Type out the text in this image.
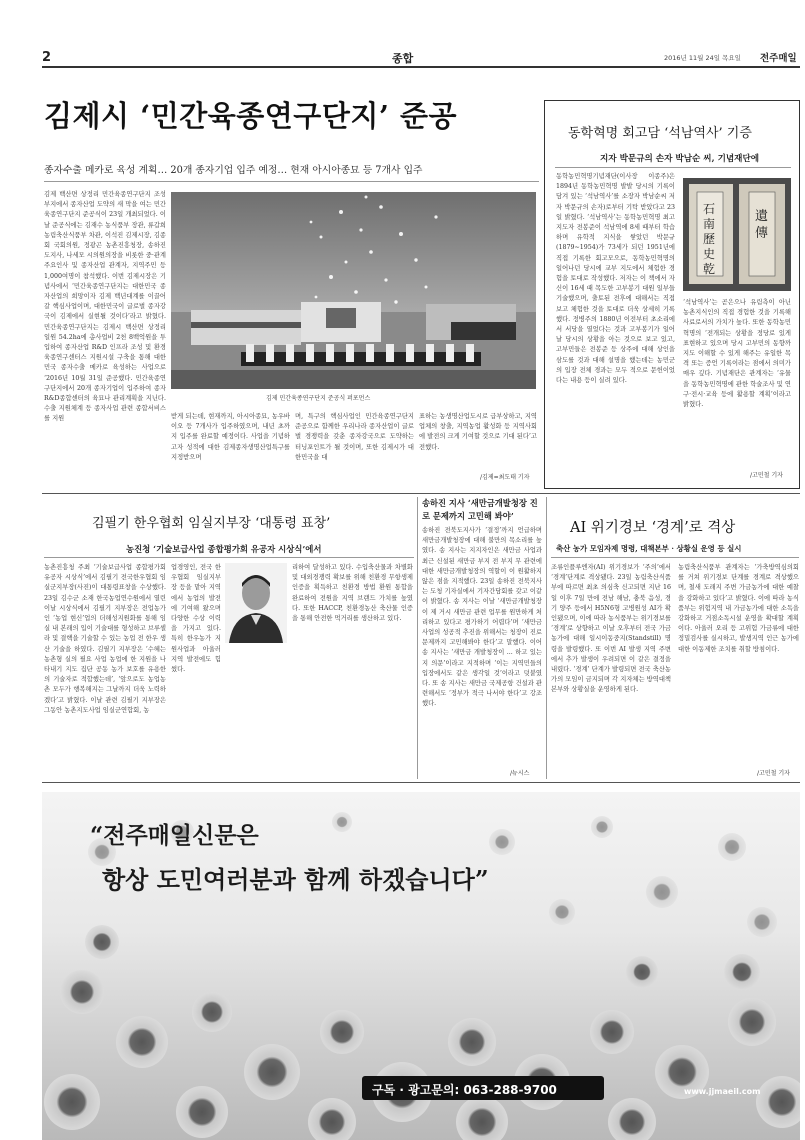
2	종합	2016년 11월 24일 목요일 전주매일
김제시 ‘민간육종연구단지’ 준공
종자수출 메카로 육성 계획… 20개 종자기업 입주 예정… 현재 아시아종묘 등 7개사 입주
김제 백산면 상정리 민간육종연구단지 조성부지에서 종자산업 도약의 새 막을 여는 민간육종연구단지 준공식이 23일 개최되었다. 이날 준공식에는 김재수 농식품부 장관, 류갑희 농림축산식품부 차관, 이석진 김제시장, 김종회 국회의원, 정광곤 농촌진흥청장, 송하진 도지사, 나세모 시의원의장을 비롯한 중·관계 주요인사 및 종자산업 관계자, 지역주민 등 1,000여명이 참석했다. 이번 김제시장은 기념사에서 ‘민간육종연구단지는 대한민국 종자산업의 희망이자 김제 백년대계를 이끌어 갈 핵심사업이며, 대한민국이 글로벌 종자강국이 김제에서 실현될 것이다’라고 밝혔다. 민간육종연구단지는 김제시 백산면 상정리 일원 54.2ha에 총사업비 2천 8백억원을 투입하여 종자산업 R&D 인프라 조성 및 환경육종연구센터스 지원시설 구축을 통해 대한민국 종자수출 메카로 육성하는 사업으로 ‘2016년 10월 31일 준공했다. 민간육종연구단지에서 20개 종자기업이 입주하여 종자R&D종합센터의 육묘나 관리계획을 지닌다. 수출 지원체계 등 종자사업 관련 종합서비스를 지원
김제 민간육종연구단지 준공식 퍼포먼스
받게 되는데, 현재까지, 아시아종묘, 농우바이오 등 7개사가 입주하였으며, 내년 초까지 입주를 완료할 예정이다. 사업을 기념하고자 성적에 대한 김제종자생명산업특구를 지정받으며
며, 특구의 핵심사업인 민간육종연구단지 준공으로 함께한 우리나라 종자산업이 글로벌 경쟁력을 갖춘 종자강국으로 도약하는 터닝포인트가 될 것이며, 또한 김제시가 대한민국을 대
표하는 농생명산업도시로 급부상하고, 지역업체의 창출, 지역농업 활성화 등 지역사회에 발전의 크게 기여할 것으로 기대 된다’고 전했다.
/김제=최도태 기자
동학혁명 회고담 ‘석남역사’ 기증
지자 박문규의 손자 박남순 씨, 기념재단에
동학농민혁명기념재단(이사장 이종주)은 1894년 동학농민혁명 발발 당시의 기록이 담겨 있는 ‘석남역사’를 소장자 박남순씨 저자 박문규의 손자)로부터 기탁 받았다고 23일 밝혔다. ‘석남역사’는 동학농민혁명 최고지도자 전봉준이 석남역에 8세 때부터 학습하며 유학적 지식을 쌓았던 박문규(1879~1954)가 73세가 되던 1951년에 직접 기록한 회고모으로, 동학농민혁명의 일어나던 당시에 교부 지도에서 체험한 경험을 토대로 작성했다. 저자는 이 책에서 자신이 16세 때 목도한 고부봉기 대원 일부들 기술했으며, 출토된 전후에 대해서는 직접 보고 체험한 것을 토대로 더욱 상세히 기록했다. 정병주의 1880년 이전부터 초소리에서 서당을 열었다는 것과 고부봉기가 일어날 당시의 상황을 아는 것으로 보고 있고, 고부민들은 전봉준 등 상주에 대해 상인을 삼도를 것과 대해 설명을 했는데는 농민군의 입장 전체 경과는 모두 적으로 문헌이었다는 내용 등이 실려 있다.
石南歷史 乾
遺傳
‘석남역사’는 곧은으나 유림측이 아닌 농촌지식인의 직접 경험한 것을 기록해 사료로서의 가치가 높다. 또한 동학농민혁명의 ‘전개되는 상황을 정당로 있게 표현하고 있으며 당시 고부민의 동향까지도 이해할 수 있게 해주는 유일한 목격 또는 증언 기록이라는 점에서 의미가 매우 깊다. 기념재단은 관계자는 ‘유물을 동학농민혁명에 관한 학술조사 및 연구·전시·교육 등에 활용할 계획’이라고 밝혔다.
/고민철 기자
김필기 한우협회 임실지부장 ‘대통령 표창’
농진청 ‘기술보급사업 종합평가회 유공자 시상식’에서
농촌진흥청 주최 ‘기술보급사업 종합평가회 유공자 시상식’에서 김필기 전국한우협회 임실군지부장(사진)이 대통령표창을 수상했다. 23일 김수군 소재 한국농업연수원에서 열린 이날 시상식에서 김필기 지부장은 전업농가인 ‘농업 현신’업의 더해성지원화를 통해 임실 내 본래의 입이 기술대를 형성하고 브루셀라 및 결핵을 기술할 수 있는 농업 전 한우 생산 기술을 하였다. 김필기 지부장은 ‘수혜는 농촌형 실의 필요 사업 농업에 한 지원을 나타내기 지도 집단 공동 농가 보호를 유용한 의 기술자로 적합했는데’, ‘앞으로도 농업농촌 모두가 행복해지는 그날까지 더욱 노력하겠다’고 밝혔다. 이날 관련 김필기 지부장은 그동안 농촌지도사업 임실군연합회, 농
업경영인, 전국 한우협회 임실지부장 등을 맡아 지역에서 농업의 발전에 기여해 왔으며 다양한 수상 이력을 가지고 있다. 특히 한우농가 지원사업과 아울러 지역 발전에도 힘썼다.
리하여 달성하고 있다. 수입축산물과 차별화 및 대외경쟁력 확보를 위해 친환경 무항생제 인증을 획득하고 친환경 방법 환원 통합을 완료하여 전원을 지역 브랜드 가치를 높였다. 또한 HACCP, 친환경농산 축산물 인증을 통해 안전한 먹거리를 생산하고 있다.
송하진 지사 ‘새만금개발청장 진로 문제까지 고민해 봐야’
송하진 전북도지사가 ‘결정’까지 언급하며 새만금개발청장에 대해 불만의 목소리를 높였다. 송 지사는 지지자인은 새만금 사업과 최근 신설된 새만금 부지 전 부지 무 관련에 대한 새만금개발청장의 역할이 이 원활하지 않은 점을 지적했다. 23일 송하진 전북지사는 도청 기자실에서 기자간담회를 갖고 이같이 밝혔다. 송 지사는 이날 ‘새만금개발청장이 제 거시 새만금 관련 업무를 원만하게 처리하고 있다고 평가하기 어렵다’며 ‘새만금 사업의 성공적 추진을 위해서는 청장이 진로 문제까지 고민해봐야 한다’고 말했다. 이어 송 지사는 ‘새만금 개발청장이 ... 하고 있는지 의문’이라고 지적하며 ‘이는 지역민들의 입장에서도 같은 생각일 것’이라고 덧붙였다. 또 송 지사는 새만금 국제공항 건설과 관련해서도 ‘정부가 적극 나서야 한다’고 강조했다.
/뉴시스
AI 위기경보 ‘경계’로 격상
축산 농가 모임자제 명령, 대책본부 · 상황실 운영 등 실시
조류인플루엔자(AI) 위기경보가 ‘주의’에서 ‘경계’단계로 격상됐다. 23일 농림축산식품부에 따르면 최초 의심축 신고되면 지난 16일 이후 7일 만에 전남 해남, 충북 음성, 경기 양주 등에서 H5N6형 고병원성 AI가 확인됐으며, 이에 따라 농식품부는 위기경보를 ‘경계’로 상향하고 이날 오후부터 전국 가금농가에 대해 일시이동중지(Standstill) 명령을 발령했다. 또 이번 AI 발생 지역 주변에서 추가 발생이 우려되면 이 같은 결정을 내렸다. ‘경계’ 단계가 발령되면 전국 축산농가의 모임이 금지되며 각 지자체는 방역대책본부와 상황실을 운영하게 된다.
농림축산식품부 관계자는 ‘가축방역심의회를 거쳐 위기경보 단계를 경계로 격상했으며, 철새 도래지 주변 가금농가에 대한 예찰을 강화하고 있다’고 밝혔다. 이에 따라 농식품부는 위험지역 내 가금농가에 대한 소독을 강화하고 거점소독시설 운영을 확대할 계획이다. 아울러 오리 등 고위험 가금류에 대한 정밀검사를 실시하고, 발생지역 인근 농가에 대한 이동제한 조치를 취할 방침이다.
/고민철 기자
“전주매일신문은
항상 도민여러분과 함께 하겠습니다”
구독 · 광고문의: 063-288-9700	www.jjmaeil.com
